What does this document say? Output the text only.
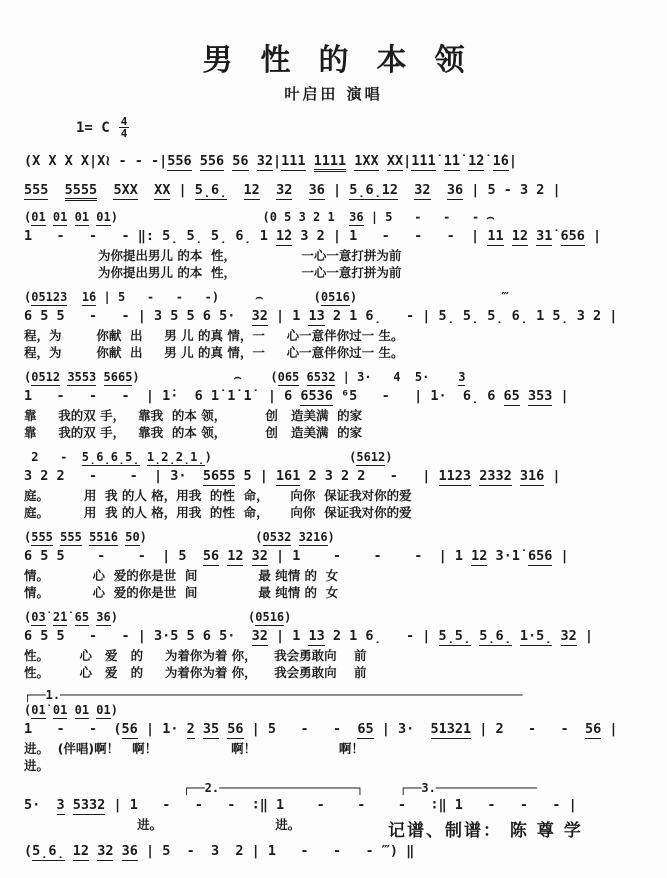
男性的本领
叶启田 演唱
1= C $\frac{4}{4}$
(X X X X|X≀ - - -|556 556 56 32|111 1111 1XX XX|1̇1̇1̇ 1̇1̇ 1̇2̇ 1̇6|
555 5555 5XX XX | 5̣6̣ 12 32 36 | 5̣6̣12 32 36 | 5 - 3 2 |
(01 01 01 01)                    (0 5 3 2 1  36 | 5   -   -   - ⌢
1   -   -   - ‖: 5̣ 5̣ 5̣ 6̣ 1 1̇2 3 2 | 1   -   -   -  | 11 12 31̇ 656 |
为你提出男儿 的本  性，               一心一意打拼为前
为你提出男儿 的本  性，               一心一意打拼为前
(05123 1̇6 | 5   -   -   -)     ⌢       (0516)                    ‴
6 5 5   -   - | 3 5 5 6 5·  32 | 1 13 2 1 6̣   - | 5̣ 5̣ 5̣ 6̣ 1 5̣ 3 2 |
程，为        你献  出     男 儿 的真 情，一     心一意伴你过一 生。
程，为        你献  出     男 儿 的真 情，一     心一意伴你过一 生。
(0512 3553 5665)             ⌢    (065 6532 | 3·   4  5·    3
1   -   -   -  | 1̇·  6 1̇ 1̇ 1̇  | 6 6536 ⁶5   -   | 1·  6̣ 6 65 353 |
靠     我的双 手，   靠我  的本 领，         创   造美满  的家
靠     我的双 手，   靠我  的本 领，         创   造美满  的家
2   -  5̣6̣6̣5̣ 1̣2̣2̣1̣)                   (5612)
3 2 2   -    -  | 3·  5655 5 | 161 2 3 2 2   -   | 1123 2332 31̇6 |
庭。        用  我 的人 格，用我  的性  命，     向你  保证我对你的爱
庭。        用  我 的人 格，用我  的性  命，     向你  保证我对你的爱
(555 555 551̇6 50)               (0532 3216)
6 5 5    -    -  | 5  56 12 32 | 1    -    -    -  | 1 12 3·1̇ 656 |
情。          心  爱的你是世  间              最 纯情 的  女
情。          心  爱的你是世  间              最 纯情 的  女
(03̇ 2̇1̇ 65 36)                  (0516)
6 5 5   -   - | 3·5 5 6 5·  32 | 1 13 2 1 6̣   - | 5̣5̣ 5̣6̣ 1·5̣ 32 |
性。       心   爱   的     为着你为着 你，    我会勇敢向    前
性。       心   爱   的     为着你为着 你，    我会勇敢向    前
┌──1.────────────────────────────────────────────────────────────────
(01̇ 01 01 01)
1   -   -  (56 | 1· 2 35 56 | 5   -   -  65 | 3·  51321 | 2   -   -  56 |
进。  (伴唱)啊！   啊！                 啊！                   啊！
进。
┌──2.───────────────────┐     ┌──3.──────────────
5·  3 5332 | 1   -   -   -  ∶‖ 1    -    -    -   ∶‖ 1   -   -   - |
进。                          进。
(5̣6̣ 12 32 36 | 5  -  3  2 | 1   -   -   - ‴) ‖
记谱、制谱： 陈 尊 学
